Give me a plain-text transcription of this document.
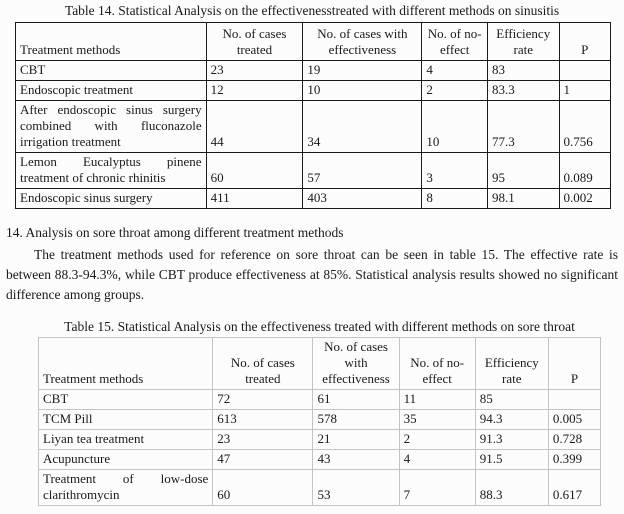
Table 14. Statistical Analysis on the effectivenesstreated with different methods on sinusitis
Treatment methods	No. of cases treated	No. of cases with effectiveness	No. of no-effect	Efficiency rate	P
CBT	23	19	4	83	
Endoscopic treatment	12	10	2	83.3	1
After endoscopic sinus surgery combined with fluconazole irrigation treatment	44	34	10	77.3	0.756
Lemon Eucalyptus pinene treatment of chronic rhinitis	60	57	3	95	0.089
Endoscopic sinus surgery	411	403	8	98.1	0.002
14. Analysis on sore throat among different treatment methods
The treatment methods used for reference on sore throat can be seen in table 15. The effective rate is between 88.3-94.3%, while CBT produce effectiveness at 85%. Statistical analysis results showed no significant difference among groups.
Table 15. Statistical Analysis on the effectiveness treated with different methods on sore throat
Treatment methods	No. of cases treated	No. of cases with effectiveness	No. of no-effect	Efficiency rate	P
CBT	72	61	11	85	
TCM Pill	613	578	35	94.3	0.005
Liyan tea treatment	23	21	2	91.3	0.728
Acupuncture	47	43	4	91.5	0.399
Treatment of low-dose clarithromycin	60	53	7	88.3	0.617
